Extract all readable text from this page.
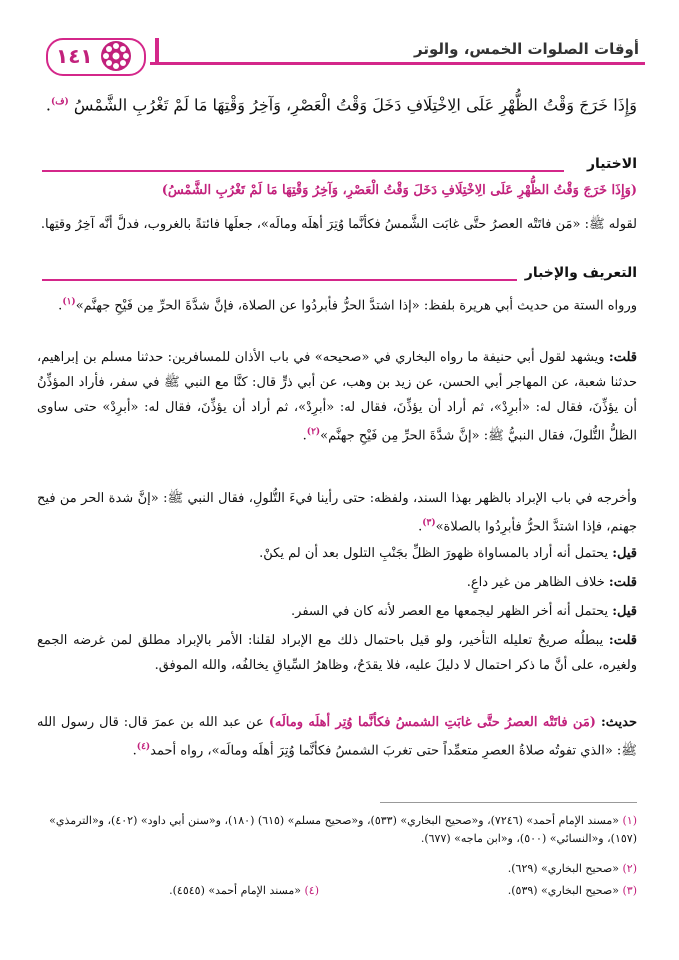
أوقات الصلوات الخمس، والوتر
١٤١
وَإِذَا خَرَجَ وَقْتُ الظُّهْرِ عَلَى الِاخْتِلَافِ دَخَلَ وَقْتُ الْعَصْرِ، وَآخِرُ وَقْتِهَا مَا لَمْ تَغْرُبِ الشَّمْسُ $^{(ف)}$.
الاختيار
(وَإِذَا خَرَجَ وَقْتُ الظُّهْرِ عَلَى الِاخْتِلَافِ دَخَلَ وَقْتُ الْعَصْرِ، وَآخِرُ وَقْتِهَا مَا لَمْ تَغْرُبِ الشَّمْسُ)
لقوله ﷺ: «مَن فاتَتْه العصرُ حتَّى غابَت الشَّمسُ فكأنَّما وُتِرَ أهلَه ومالَه»، جعلَها فائتةً بالغروب، فدلَّ أنَّه آخِرُ وقتِها.
التعريف والإخبار
ورواه الستة من حديث أبي هريرة بلفظ: «إذا اشتدَّ الحرُّ فأبردُوا عن الصلاة، فإنَّ شدَّةَ الحرِّ مِن فَيْحِ جهنَّم»$^{(١)}$.
قلت: ويشهد لقول أبي حنيفة ما رواه البخاري في «صحيحه» في باب الأذان للمسافرين: حدثنا مسلم بن إبراهيم، حدثنا شعبة، عن المهاجر أبي الحسن، عن زيد بن وهب، عن أبي ذرٍّ قال: كنَّا مع النبي ﷺ في سفر، فأراد المؤذِّنُ أن يؤذِّنَ، فقال له: «أبرِدْ»، ثم أراد أن يؤذِّنَ، فقال له: «أبرِدْ»، ثم أراد أن يؤذِّنَ، فقال له: «أبرِدْ» حتى ساوى الظلُّ التُّلولَ، فقال النبيُّ ﷺ: «إنَّ شدَّةَ الحرِّ مِن فَيْحِ جهنَّم»$^{(٢)}$.
وأخرجه في باب الإبراد بالظهر بهذا السند، ولفظه: حتى رأينا فيءَ التُّلولِ، فقال النبي ﷺ: «إنَّ شدة الحر من فيح جهنم، فإذا اشتدَّ الحرُّ فأبرِدُوا بالصلاة»$^{(٣)}$.
قيل: يحتمل أنه أراد بالمساواة ظهورَ الظلِّ بجَنْبِ التلول بعد أن لم يكنْ.
قلت: خلاف الظاهر من غير داعٍ.
قيل: يحتمل أنه أخر الظهر ليجمعها مع العصر لأنه كان في السفر.
قلت: يبطلُه صريحُ تعليله التأخير، ولو قيل باحتمال ذلك مع الإبراد لقلنا: الأمر بالإبراد مطلق لمن غرضه الجمع ولغيره، على أنَّ ما ذكر احتمال لا دليلَ عليه، فلا يقدَحُ، وظاهرُ السِّياقِ يخالفُه، والله الموفق.
حديث: (مَن فاتَتْه العصرُ حتَّى غابَتِ الشمسُ فكأنَّما وُتِر أهلَه ومالَه) عن عبد الله بن عمرَ قال: قال رسول الله ﷺ: «الذي تفوتُه صلاةُ العصرِ متعمِّداً حتى تغربَ الشمسُ فكأنَّما وُتِرَ أهلَه ومالَه»، رواه أحمد$^{(٤)}$.
(١) «مسند الإمام أحمد» (٧٢٤٦)، و«صحيح البخاري» (٥٣٣)، و«صحيح مسلم» (٦١٥) (١٨٠)، و«سنن أبي داود» (٤٠٢)، و«الترمذي» (١٥٧)، و«النسائي» (٥٠٠)، و«ابن ماجه» (٦٧٧).
(٢) «صحيح البخاري» (٦٢٩).
(٣) «صحيح البخاري» (٥٣٩).
(٤) «مسند الإمام أحمد» (٤٥٤٥).
